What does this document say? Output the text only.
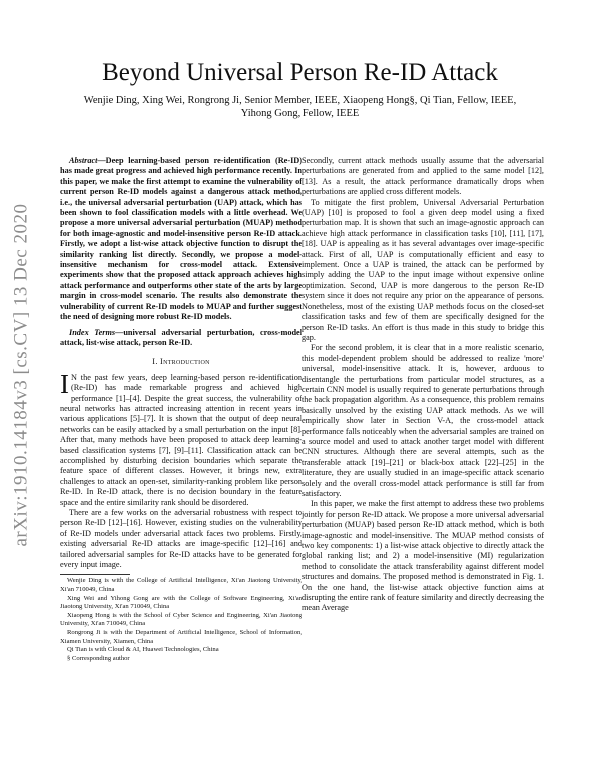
arXiv:1910.14184v3 [cs.CV] 13 Dec 2020
Beyond Universal Person Re-ID Attack
Wenjie Ding, Xing Wei, Rongrong Ji, Senior Member, IEEE, Xiaopeng Hong§, Qi Tian, Fellow, IEEE,
Yihong Gong, Fellow, IEEE

Abstract—Deep learning-based person re-identification (Re-ID) has made great progress and achieved high performance recently. In this paper, we make the first attempt to examine the vulnerability of current person Re-ID models against a dangerous attack method, i.e., the universal adversarial perturbation (UAP) attack, which has been shown to fool classification models with a little overhead. We propose a more universal adversarial perturbation (MUAP) method for both image-agnostic and model-insensitive person Re-ID attack. Firstly, we adopt a list-wise attack objective function to disrupt the similarity ranking list directly. Secondly, we propose a model-insensitive mechanism for cross-model attack. Extensive experiments show that the proposed attack approach achieves high attack performance and outperforms other state of the arts by large margin in cross-model scenario. The results also demonstrate the vulnerability of current Re-ID models to MUAP and further suggest the need of designing more robust Re-ID models.

Index Terms—universal adversarial perturbation, cross-model attack, list-wise attack, person Re-ID.

I. Introduction

I N the past few years, deep learning-based person re-identification (Re-ID) has made remarkable progress and achieved high performance [1]–[4]. Despite the great success, the vulnerability of neural networks has attracted increasing attention in recent years in various applications [5]–[7]. It is shown that the output of deep neural networks can be easily attacked by a small perturbation on the input [8]. After that, many methods have been proposed to attack deep learning-based classification systems [7], [9]–[11]. Classification attack can be accomplished by disturbing decision boundaries which separate the feature space of different classes. However, it brings new, extra challenges to attack an open-set, similarity-ranking problem like person Re-ID. In Re-ID attack, there is no decision boundary in the feature space and the entire similarity rank should be disordered.

There are a few works on the adversarial robustness with respect to person Re-ID [12]–[16]. However, existing studies on the vulnerability of Re-ID models under adversarial attack faces two problems. Firstly, existing adversarial Re-ID attacks are image-specific [12]–[16] and tailored adversarial samples for Re-ID attacks have to be generated for every input image.

Wenjie Ding is with the College of Artificial Intelligence, Xi'an Jiaotong University, Xi'an 710049, China

Xing Wei and Yihong Gong are with the College of Software Engineering, Xi'an Jiaotong University, Xi'an 710049, China

Xiaopeng Hong is with the School of Cyber Science and Engineering, Xi'an Jiaotong University, Xi'an 710049, China

Rongrong Ji is with the Department of Artificial Intelligence, School of Information, Xiamen University, Xiamen, China

Qi Tian is with Cloud & AI, Huawei Technologies, China

§ Corresponding author

Secondly, current attack methods usually assume that the adversarial perturbations are generated from and applied to the same model [12], [13]. As a result, the attack performance dramatically drops when perturbations are applied cross different models.

To mitigate the first problem, Universal Adversarial Perturbation (UAP) [10] is proposed to fool a given deep model using a fixed perturbation map. It is shown that such an image-agnostic approach can achieve high attack performance in classification tasks [10], [11], [17], [18]. UAP is appealing as it has several advantages over image-specific attack. First of all, UAP is computationally efficient and easy to implement. Once a UAP is trained, the attack can be performed by simply adding the UAP to the input image without expensive online optimization. Second, UAP is more dangerous to the person Re-ID system since it does not require any prior on the appearance of persons. Nonetheless, most of the existing UAP methods focus on the closed-set classification tasks and few of them are specifically designed for the person Re-ID tasks. An effort is thus made in this study to bridge this gap.

For the second problem, it is clear that in a more realistic scenario, this model-dependent problem should be addressed to realize 'more' universal, model-insensitive attack. It is, however, arduous to disentangle the perturbations from particular model structures, as a certain CNN model is usually required to generate perturbations through the back propagation algorithm. As a consequence, this problem remains basically unsolved by the existing UAP attack methods. As we will empirically show later in Section V-A, the cross-model attack performance falls noticeably when the adversarial samples are trained on a source model and used to attack another target model with different CNN structures. Although there are several attempts, such as the transferable attack [19]–[21] or black-box attack [22]–[25] in the literature, they are usually studied in an image-specific attack scenario solely and the overall cross-model attack performance is still far from satisfactory.

In this paper, we make the first attempt to address these two problems jointly for person Re-ID attack. We propose a more universal adversarial perturbation (MUAP) based person Re-ID attack method, which is both image-agnostic and model-insensitive. The MUAP method consists of two key components: 1) a list-wise attack objective to directly attack the global ranking list; and 2) a model-insensitive (MI) regularization method to consolidate the attack transferability against different model structures and domains. The proposed method is demonstrated in Fig. 1. On the one hand, the list-wise attack objective function aims at disrupting the entire rank of feature similarity and directly decreasing the mean Average
